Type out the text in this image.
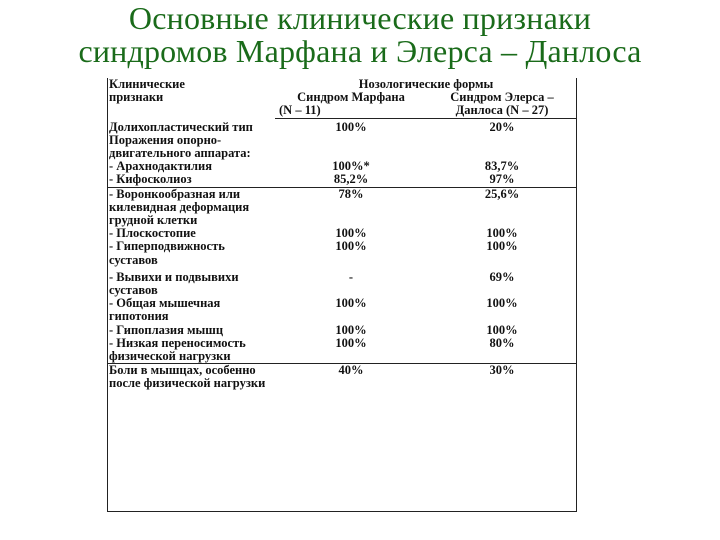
Основные клинические признаки
синдромов Марфана и Элерса – Данлоса
Клинические
признаки	Нозологические формы	
	Синдром Марфана	Синдром Элерса –
	(N – 11)	Данлоса (N – 27)

Долихопластический тип	100%	20%
Поражения опорно-двигательного аппарата:		
- Арахнодактилия	100%*	83,7%
- Кифосколиоз	85,2%	97%
- Воронкообразная или килевидная деформация грудной клетки	78%	25,6%
- Плоскостопие	100%	100%
- Гиперподвижность суставов	100%	100%

- Вывихи и подвывихи суставов	-	69%
- Общая мышечная гипотония	100%	100%
- Гипоплазия мышц	100%	100%
- Низкая переносимость физической нагрузки	100%	80%
Боли в мышцах, особенно после физической нагрузки	40%	30%
